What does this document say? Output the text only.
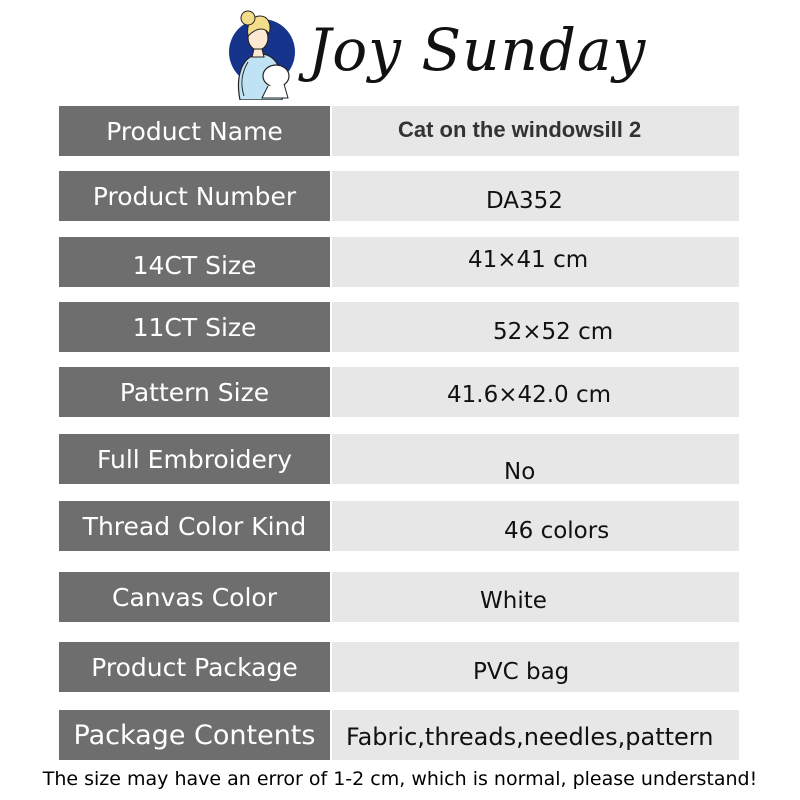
Joy Sunday
Product Name	Cat on the windowsill 2
Product Number	DA352
14CT Size	41×41 cm
11CT Size	52×52 cm
Pattern Size	41.6×42.0 cm
Full Embroidery	No
Thread Color Kind	46 colors
Canvas Color	White
Product Package	PVC bag
Package Contents	Fabric,threads,needles,pattern
The size may have an error of 1-2 cm, which is normal, please understand!
